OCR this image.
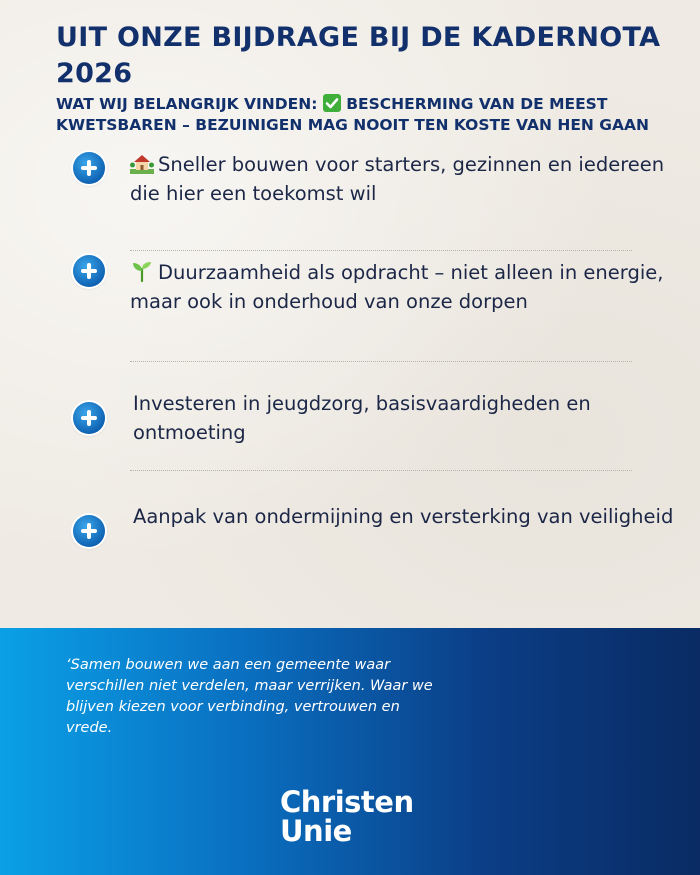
UIT ONZE BIJDRAGE BIJ DE KADERNOTA 2026
WAT WIJ BELANGRIJK VINDEN:
BESCHERMING VAN DE MEEST KWETSBAREN – BEZUINIGEN MAG NOOIT TEN KOSTE VAN HEN GAAN
Sneller bouwen voor starters, gezinnen en iedereen die hier een toekomst wil
Duurzaamheid als opdracht – niet alleen in energie, maar ook in onderhoud van onze dorpen
Investeren in jeugdzorg, basisvaardigheden en ontmoeting
Aanpak van ondermijning en versterking van veiligheid

‘Samen bouwen we aan een gemeente waar verschillen niet verdelen, maar verrijken. Waar we blijven kiezen voor verbinding, vertrouwen en vrede.

Christen
Unie
